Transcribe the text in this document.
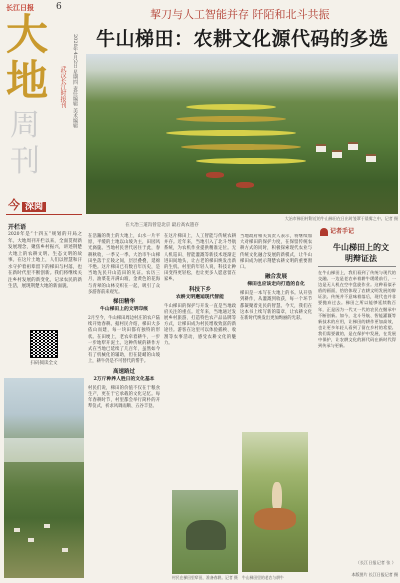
长江日报 6
大
地
周
刊
武汉长江时报刊	2020年4月2日 星期四 责任编辑 美术编辑
今 深阅
开栏语
2020年是“十四五”规划的开局之年。大地周刊开栏以来，全面贯彻新发展理念，聚焦乡村振兴，讲述荆楚大地上的农耕文明、生态文明的故事。在这片土地上，人们以智慧和汗水守护着祖辈留下的梯田与村落，也在新时代里不断创新。我们将继续关注乡村发展的新变化，记录农民的新生活，展现荆楚大地的新面貌。
扫码阅读全文
挈刀与人工智能并存 阡陌和北斗共振
牛山梯田：农耕文化源代码的多选
大冶市梯田村附近的牛山梯田在日出时笼罩于晨雾之中。记者 摄
在大冶三道沟曾是北京 最后高农遗存
在浩瀚的黄土的大地上，山水一片平原，平缓的土地以山坡为主，田园风光旖旎。当地村民世代居住于此，春耕秋收，一季又一季。大冶市牛山梯田坐落于丘陵之间，层层叠叠，延绵不绝。这片梯田已有数百年历史，是当地先民开山造田的见证。农历三月，油菜花开满山坡，金黄色的花海与青翠的山林交织在一起，吸引了众多游客前来观光。
梯田精华
牛山梯田上的文明印痕
2月至今，牛山梯田周边村庄的农户陆续开始春耕。据村民介绍，梯田大多依山而建，每一块田都有独特的形状。在田埂上，老农牵着耕牛，一步一步地犁开泥土。这种传统的耕作方式在当地已延续了几百年，虽然如今有了机械化的辅助，但在陡峭的山坡上，耕牛仍是不可替代的帮手。
高速路过
2万斤种养人胜日的文化基本
村民们说，梯田的价值不仅在于粮食生产，更在于它承载的文化记忆。每年春耕时节，村里都会举行简朴的开犁仪式，祈求风调雨顺、五谷丰登。
在这片梯田上，人工智能与传统农耕并存。近年来，当地引入了北斗导航系统，为农机作业提供精准定位。无人机巡田、智能灌溉等新技术逐渐走进田间地头，让古老的梯田焕发出新的生机。村里的年轻人说，科技让种田变得更轻松，也让更多人愿意留在家乡。
科技下乡
农耕文明邂逅现代智能
牛山梯田的保护与开发一直是当地政府关注的重点。近年来，当地通过发展乡村旅游、打造特色农产品品牌等方式，让梯田成为村民增收致富的新途径。游客在这里可以体验插秧、收割等农事活动，感受农耕文化的魅力。
当地政府相关负责人表示，将继续加大对梯田的保护力度，在保留传统农耕方式的同时，积极探索现代农业与传统文化融合发展的新模式，让牛山梯田成为展示荆楚农耕文明的重要窗口。
融合发展
梯田也应该走向打造的自化
梯田是一本写在大地上的书。从开垦到耕作，从灌溉到收获，每一个环节都凝聚着先民的智慧。今天，我们在这本书上续写新的篇章，让农耕文化在新时代焕发出更加绚丽的光彩。
村民在梯田里犁田，准备春耕。记者 摄 牛山梯田里的老农与耕牛
记者手记
牛山梯田上的文明辩证法
在牛山梯田上，我们看到了传统与现代的交融。一边是老农牵着耕牛缓缓前行，一边是无人机在空中盘旋作业。这种看似矛盾的画面，恰恰体现了农耕文明发展的辩证法。传统并不意味着落后，现代也并非要抛弃过去。梯田之所以能够延续数百年，正是因为一代又一代的农民在继承中不断创新。如今，北斗导航、智能灌溉等新技术的应用，让梯田的耕作更加高效，也让更多年轻人看到了留在乡村的希望。我们需要做的，是在保护中发展，在发展中保护，让农耕文化的源代码在新时代得到传承与更新。
（长江日报记者 张 ）
本版图片 长江日报记者 摄
